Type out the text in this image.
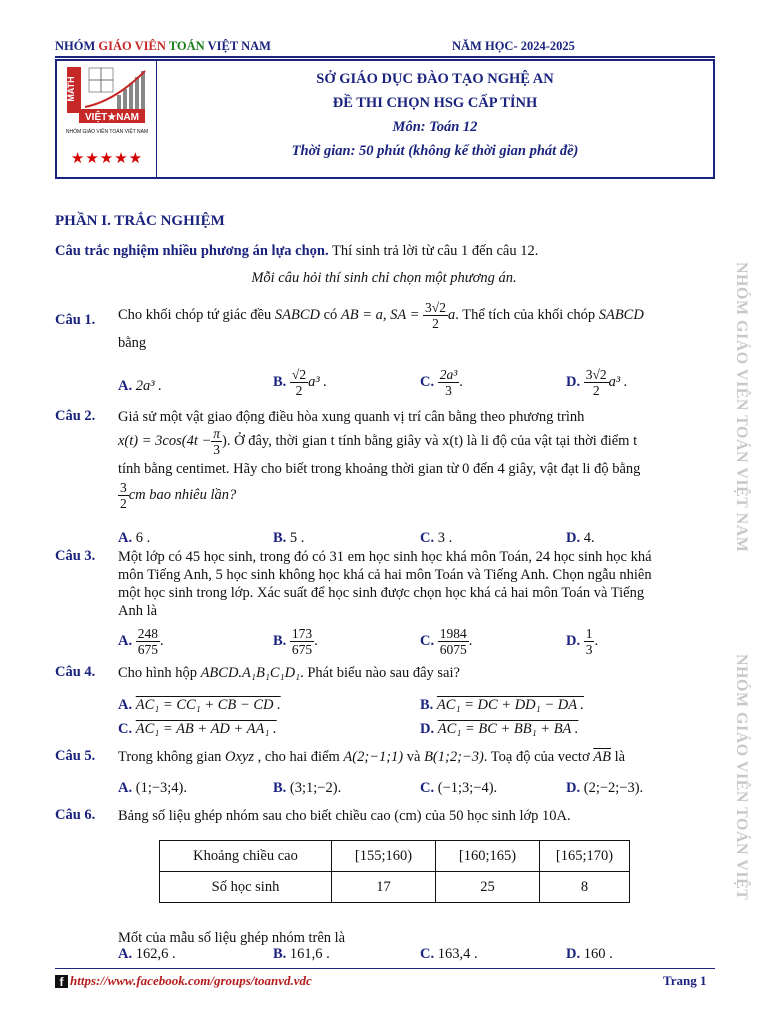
NHÓM GIÁO VIÊN TOÁN VIỆT NAM	NĂM HỌC- 2024-2025
MATH
VIỆT★NAM
NHÓM GIÁO VIÊN TOÁN VIỆT NAM
★★★★★
SỞ GIÁO DỤC ĐÀO TẠO NGHỆ AN
ĐỀ THI CHỌN HSG CẤP TỈNH
Môn: Toán 12
Thời gian: 50 phút (không kể thời gian phát đề)
PHẦN I. TRẮC NGHIỆM
Câu trắc nghiệm nhiều phương án lựa chọn. Thí sinh trả lời từ câu 1 đến câu 12.
Mỗi câu hỏi thí sinh chỉ chọn một phương án.
Câu 1. Cho khối chóp tứ giác đều SABCD có AB = a, SA = $\frac{3√2}{2} a$. Thể tích của khối chóp SABCD
bằng
A. 2a³ .	B. $\frac{√2}{2} a^3$ .	C. $\frac{\text{2a³}}{3}$ .	D. $\frac{3√2}{2} a^3$ .
Câu 2. Giả sử một vật giao động điều hòa xung quanh vị trí cân bằng theo phương trình
$x(t) = 3\cos(4t - \frac{\pi}{3}$ ). Ở đây, thời gian t tính bằng giây và x(t) là li độ của vật tại thời điểm t
tính bằng centimet. Hãy cho biết trong khoảng thời gian từ 0 đến 4 giây, vật đạt li độ bằng
$\frac{3}{2}$ cm bao nhiêu lần?
A. 6 .	B. 5 .	C. 3 .	D. 4.
Câu 3. Một lớp có 45 học sinh, trong đó có 31 em học sinh học khá môn Toán, 24 học sinh học khá
môn Tiếng Anh, 5 học sinh không học khá cả hai môn Toán và Tiếng Anh. Chọn ngẫu nhiên
một học sinh trong lớp. Xác suất để học sinh được chọn học khá cả hai môn Toán và Tiếng
Anh là
A. $\frac{248}{675}$ .	B. $\frac{173}{675}$ .	C. $\frac{1984}{6075}$ .	D. $\frac{1}{3}$ .
Câu 4. Cho hình hộp ABCD.A₁B₁C₁D₁. Phát biểu nào sau đây sai?
A. AC₁ = CC₁ + CB − CD .	B. AC₁ = DC + DD₁ − DA .
C. AC₁ = AB + AD + AA₁ .	D. AC₁ = BC + BB₁ + BA .
Câu 5. Trong không gian Oxyz , cho hai điểm A(2;−1;1) và B(1;2;−3). Toạ độ của vectơ $\overline{AB}$ là
A. (1;−3;4).	B. (3;1;−2).	C. (−1;3;−4).	D. (2;−2;−3).
Câu 6. Bảng số liệu ghép nhóm sau cho biết chiều cao (cm) của 50 học sinh lớp 10A.
Khoảng chiều cao	[155;160)	[160;165)	[165;170)
Số học sinh	17	25	8
Mốt của mẫu số liệu ghép nhóm trên là
A. 162,6 .	B. 161,6 .	C. 163,4 .	D. 160 .
NHÓM GIÁO VIÊN TOÁN VIỆT NAM
NHÓM GIÁO VIÊN TOÁN VIỆT
f https://www.facebook.com/groups/toanvd.vdc	Trang 1
